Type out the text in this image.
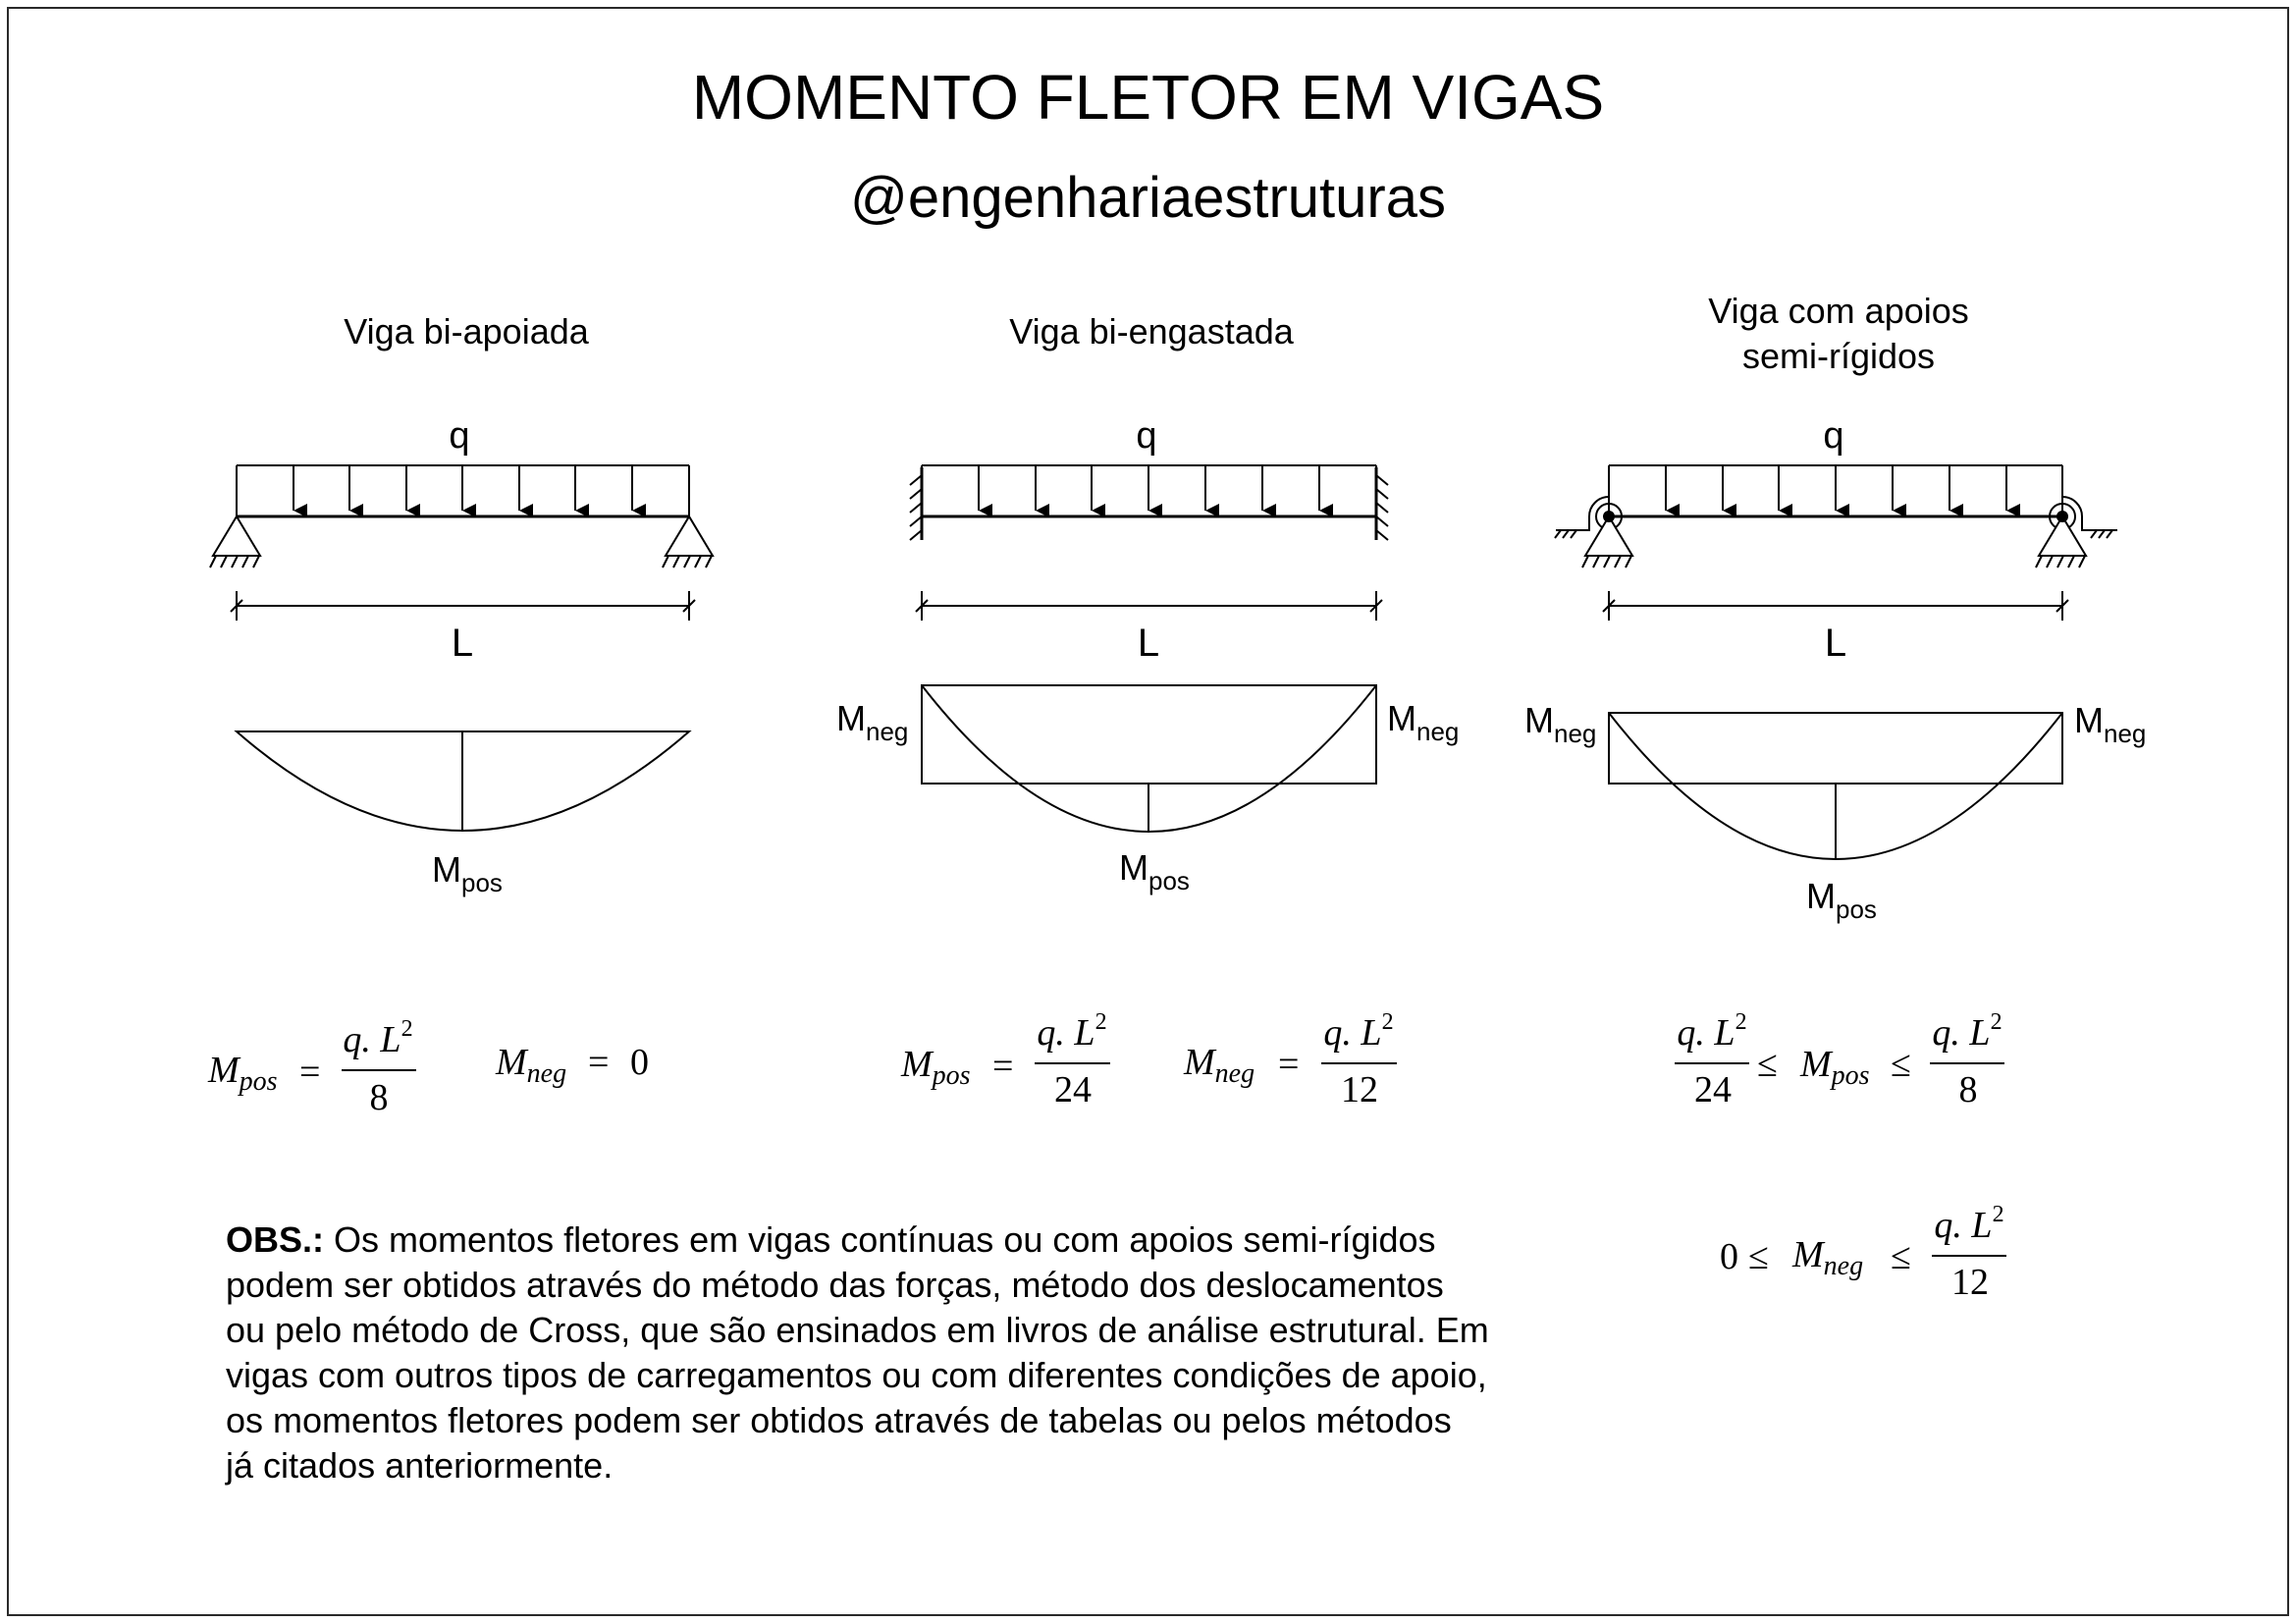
MOMENTO FLETOR EM VIGAS
@engenhariaestruturas
Viga bi-apoiada	Viga bi-engastada
Viga com apoios
semi-rígidos
q
L
$M_{pos}$
q
L
$M_{pos}$
$M_{neg}$	$M_{neg}$
q
L
$M_{pos}$
$M_{neg}$	$M_{neg}$
$M_{pos}$ =
q. $L^2$
8
$M_{neg} = 0$	$M_{pos}$ =
q. $L^2$
24
$M_{neg}$ =
q. $L^2$
12
q. $L^2$
24
≤ $M_{pos}$ ≤
q. $L^2$
8
$0 \le M_{neg}$ ≤
q. $L^2$
12
OBS.: Os momentos fletores em vigas contínuas ou com apoios semi-rígidos
podem ser obtidos através do método das forças, método dos deslocamentos
ou pelo método de Cross, que são ensinados em livros de análise estrutural. Em
vigas com outros tipos de carregamentos ou com diferentes condições de apoio,
os momentos fletores podem ser obtidos através de tabelas ou pelos métodos
já citados anteriormente.
